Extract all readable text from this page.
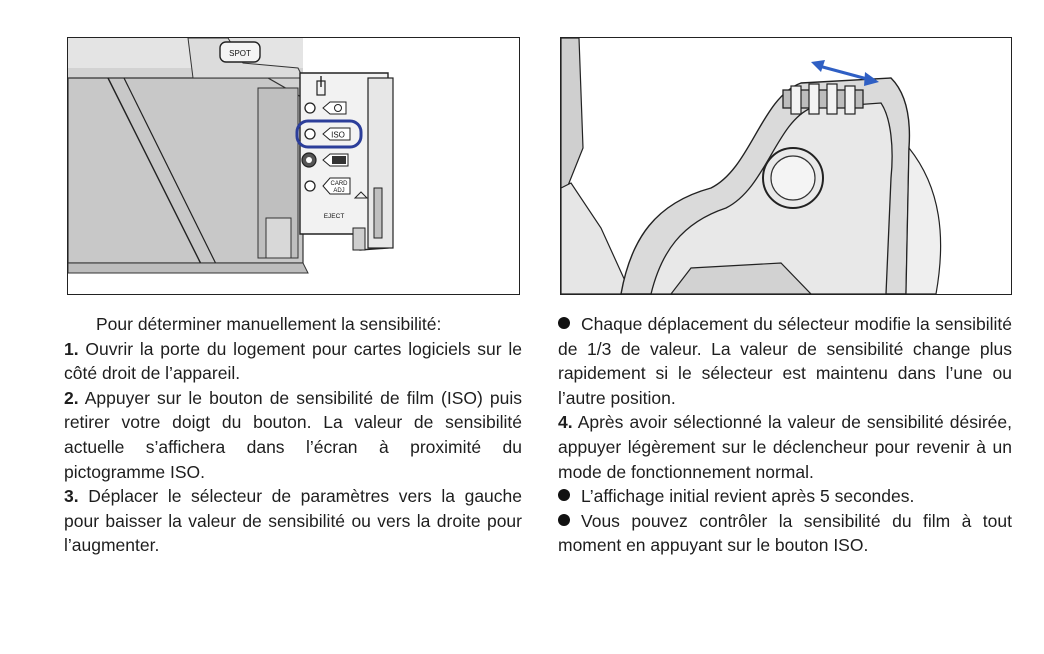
SPOT
ISO
CARD
ADJ
EJECT

Pour déterminer manuellement la sensibilité:

1. Ouvrir la porte du logement pour cartes logiciels sur le côté droit de l’appareil.

2. Appuyer sur le bouton de sensibilité de film (ISO) puis retirer votre doigt du bouton. La valeur de sensibilité actuelle s’affichera dans l’écran à proximité du pictogramme ISO.

3. Déplacer le sélecteur de paramètres vers la gauche pour baisser la valeur de sensibilité ou vers la droite pour l’augmenter.

Chaque déplacement du sélecteur modifie la sensibilité de 1/3 de valeur. La valeur de sensibilité change plus rapidement si le sélecteur est maintenu dans l’une ou l’autre position.

4. Après avoir sélectionné la valeur de sensibilité désirée, appuyer légèrement sur le déclencheur pour revenir à un mode de fonctionnement normal.

L’affichage initial revient après 5 secondes.

Vous pouvez contrôler la sensibilité du film à tout moment en appuyant sur le bouton ISO.
